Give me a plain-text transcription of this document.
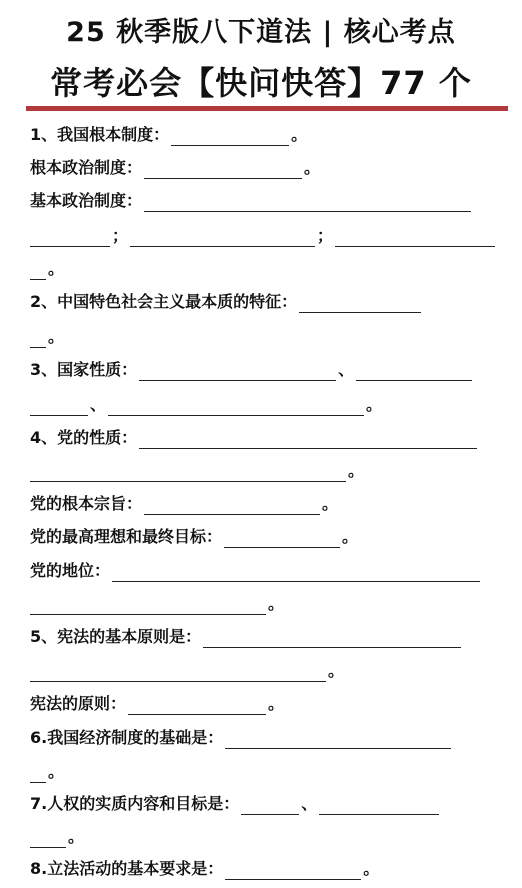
25 秋季版八下道法 | 核心考点
常考必会【快问快答】77 个
1、我国根本制度：	。
根本政治制度：	。
基本政治制度：
；	；
。
2、中国特色社会主义最本质的特征：
。
3、国家性质：	、
、	。
4、党的性质：
。
党的根本宗旨：	。
党的最高理想和最终目标：	。
党的地位：
。
5、宪法的基本原则是：
。
宪法的原则：	。
6.我国经济制度的基础是：
。
7.人权的实质内容和目标是：	、
。
8.立法活动的基本要求是：	。
